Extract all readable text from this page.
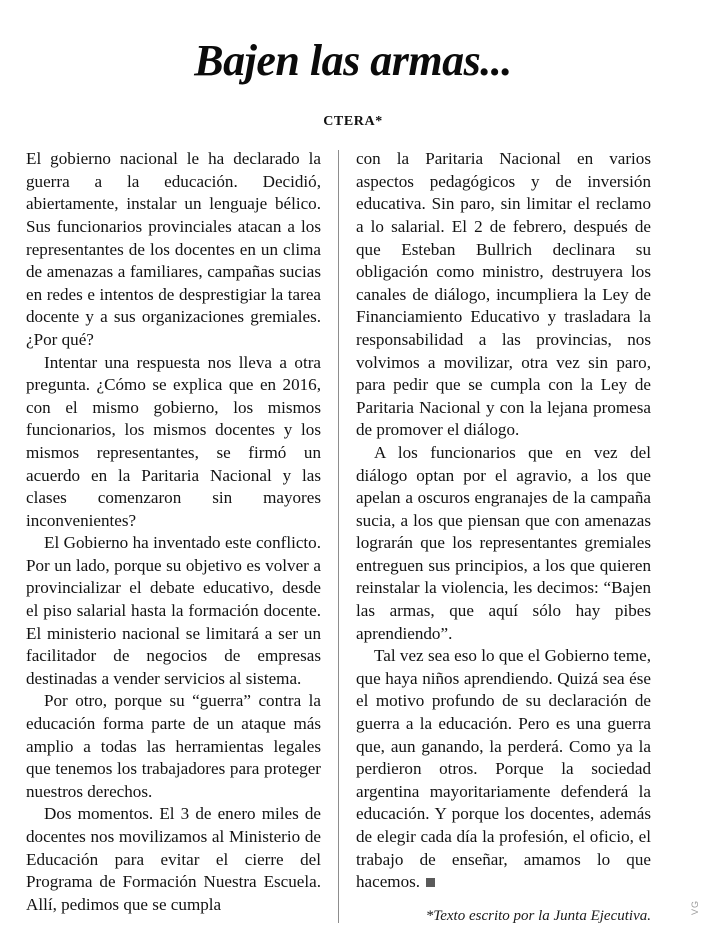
Bajen las armas...
CTERA*

El gobierno nacional le ha declarado la guerra a la educación. Decidió, abiertamente, instalar un lenguaje bélico. Sus funcionarios provinciales atacan a los representantes de los docentes en un clima de amenazas a familiares, campañas sucias en redes e intentos de desprestigiar la tarea docente y a sus organizaciones gremiales. ¿Por qué?

Intentar una respuesta nos lleva a otra pregunta. ¿Cómo se explica que en 2016, con el mismo gobierno, los mismos funcionarios, los mismos docentes y los mismos representantes, se firmó un acuerdo en la Paritaria Nacional y las clases comenzaron sin mayores inconvenientes?

El Gobierno ha inventado este conflicto. Por un lado, porque su objetivo es volver a provincializar el debate educativo, desde el piso salarial hasta la formación docente. El ministerio nacional se limitará a ser un facilitador de negocios de empresas destinadas a vender servicios al sistema.

Por otro, porque su “guerra” contra la educación forma parte de un ataque más amplio a todas las herramientas legales que tenemos los trabajadores para proteger nuestros derechos.

Dos momentos. El 3 de enero miles de docentes nos movilizamos al Ministerio de Educación para evitar el cierre del Programa de Formación Nuestra Escuela. Allí, pedimos que se cumpla

con la Paritaria Nacional en varios aspectos pedagógicos y de inversión educativa. Sin paro, sin limitar el reclamo a lo salarial. El 2 de febrero, después de que Esteban Bullrich declinara su obligación como ministro, destruyera los canales de diálogo, incumpliera la Ley de Financiamiento Educativo y trasladara la responsabilidad a las provincias, nos volvimos a movilizar, otra vez sin paro, para pedir que se cumpla con la Ley de Paritaria Nacional y con la lejana promesa de promover el diálogo.

A los funcionarios que en vez del diálogo optan por el agravio, a los que apelan a oscuros engranajes de la campaña sucia, a los que piensan que con amenazas lograrán que los representantes gremiales entreguen sus principios, a los que quieren reinstalar la violencia, les decimos: “Bajen las armas, que aquí sólo hay pibes aprendiendo”.

Tal vez sea eso lo que el Gobierno teme, que haya niños aprendiendo. Quizá sea ése el motivo profundo de su declaración de guerra a la educación. Pero es una guerra que, aun ganando, la perderá. Como ya la perdieron otros. Porque la sociedad argentina mayoritariamente defenderá la educación. Y porque los docentes, además de elegir cada día la profesión, el oficio, el trabajo de enseñar, amamos lo que hacemos.

*Texto escrito por la Junta Ejecutiva.
VG
